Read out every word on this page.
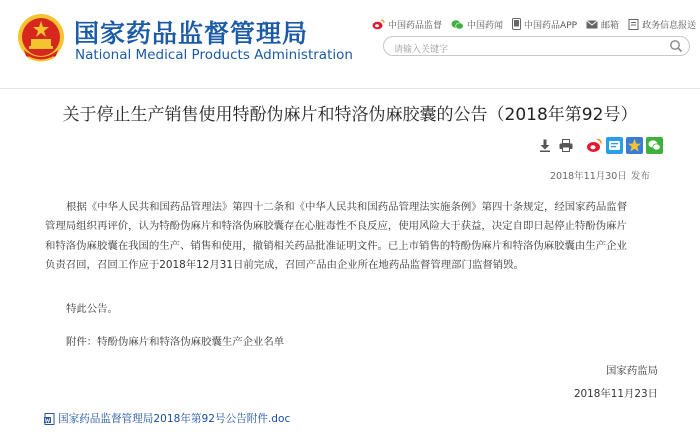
国家药品监督管理局
National Medical Products Administration
中国药品监督	中国药闻 中国药品APP	邮箱	政务信息报送
请输入关键字
关于停止生产销售使用特酚伪麻片和特洛伪麻胶囊的公告（2018年第92号）
2018年11月30日 发布
根据《中华人民共和国药品管理法》第四十二条和《中华人民共和国药品管理法实施条例》第四十条规定，经国家药品监督
管理局组织再评价，认为特酚伪麻片和特洛伪麻胶囊存在心脏毒性不良反应，使用风险大于获益，决定自即日起停止特酚伪麻片
和特洛伪麻胶囊在我国的生产、销售和使用，撤销相关药品批准证明文件。已上市销售的特酚伪麻片和特洛伪麻胶囊由生产企业
负责召回，召回工作应于2018年12月31日前完成，召回产品由企业所在地药品监督管理部门监督销毁。
特此公告。
附件：特酚伪麻片和特洛伪麻胶囊生产企业名单
国家药监局
2018年11月23日
国家药品监督管理局2018年第92号公告附件.doc
